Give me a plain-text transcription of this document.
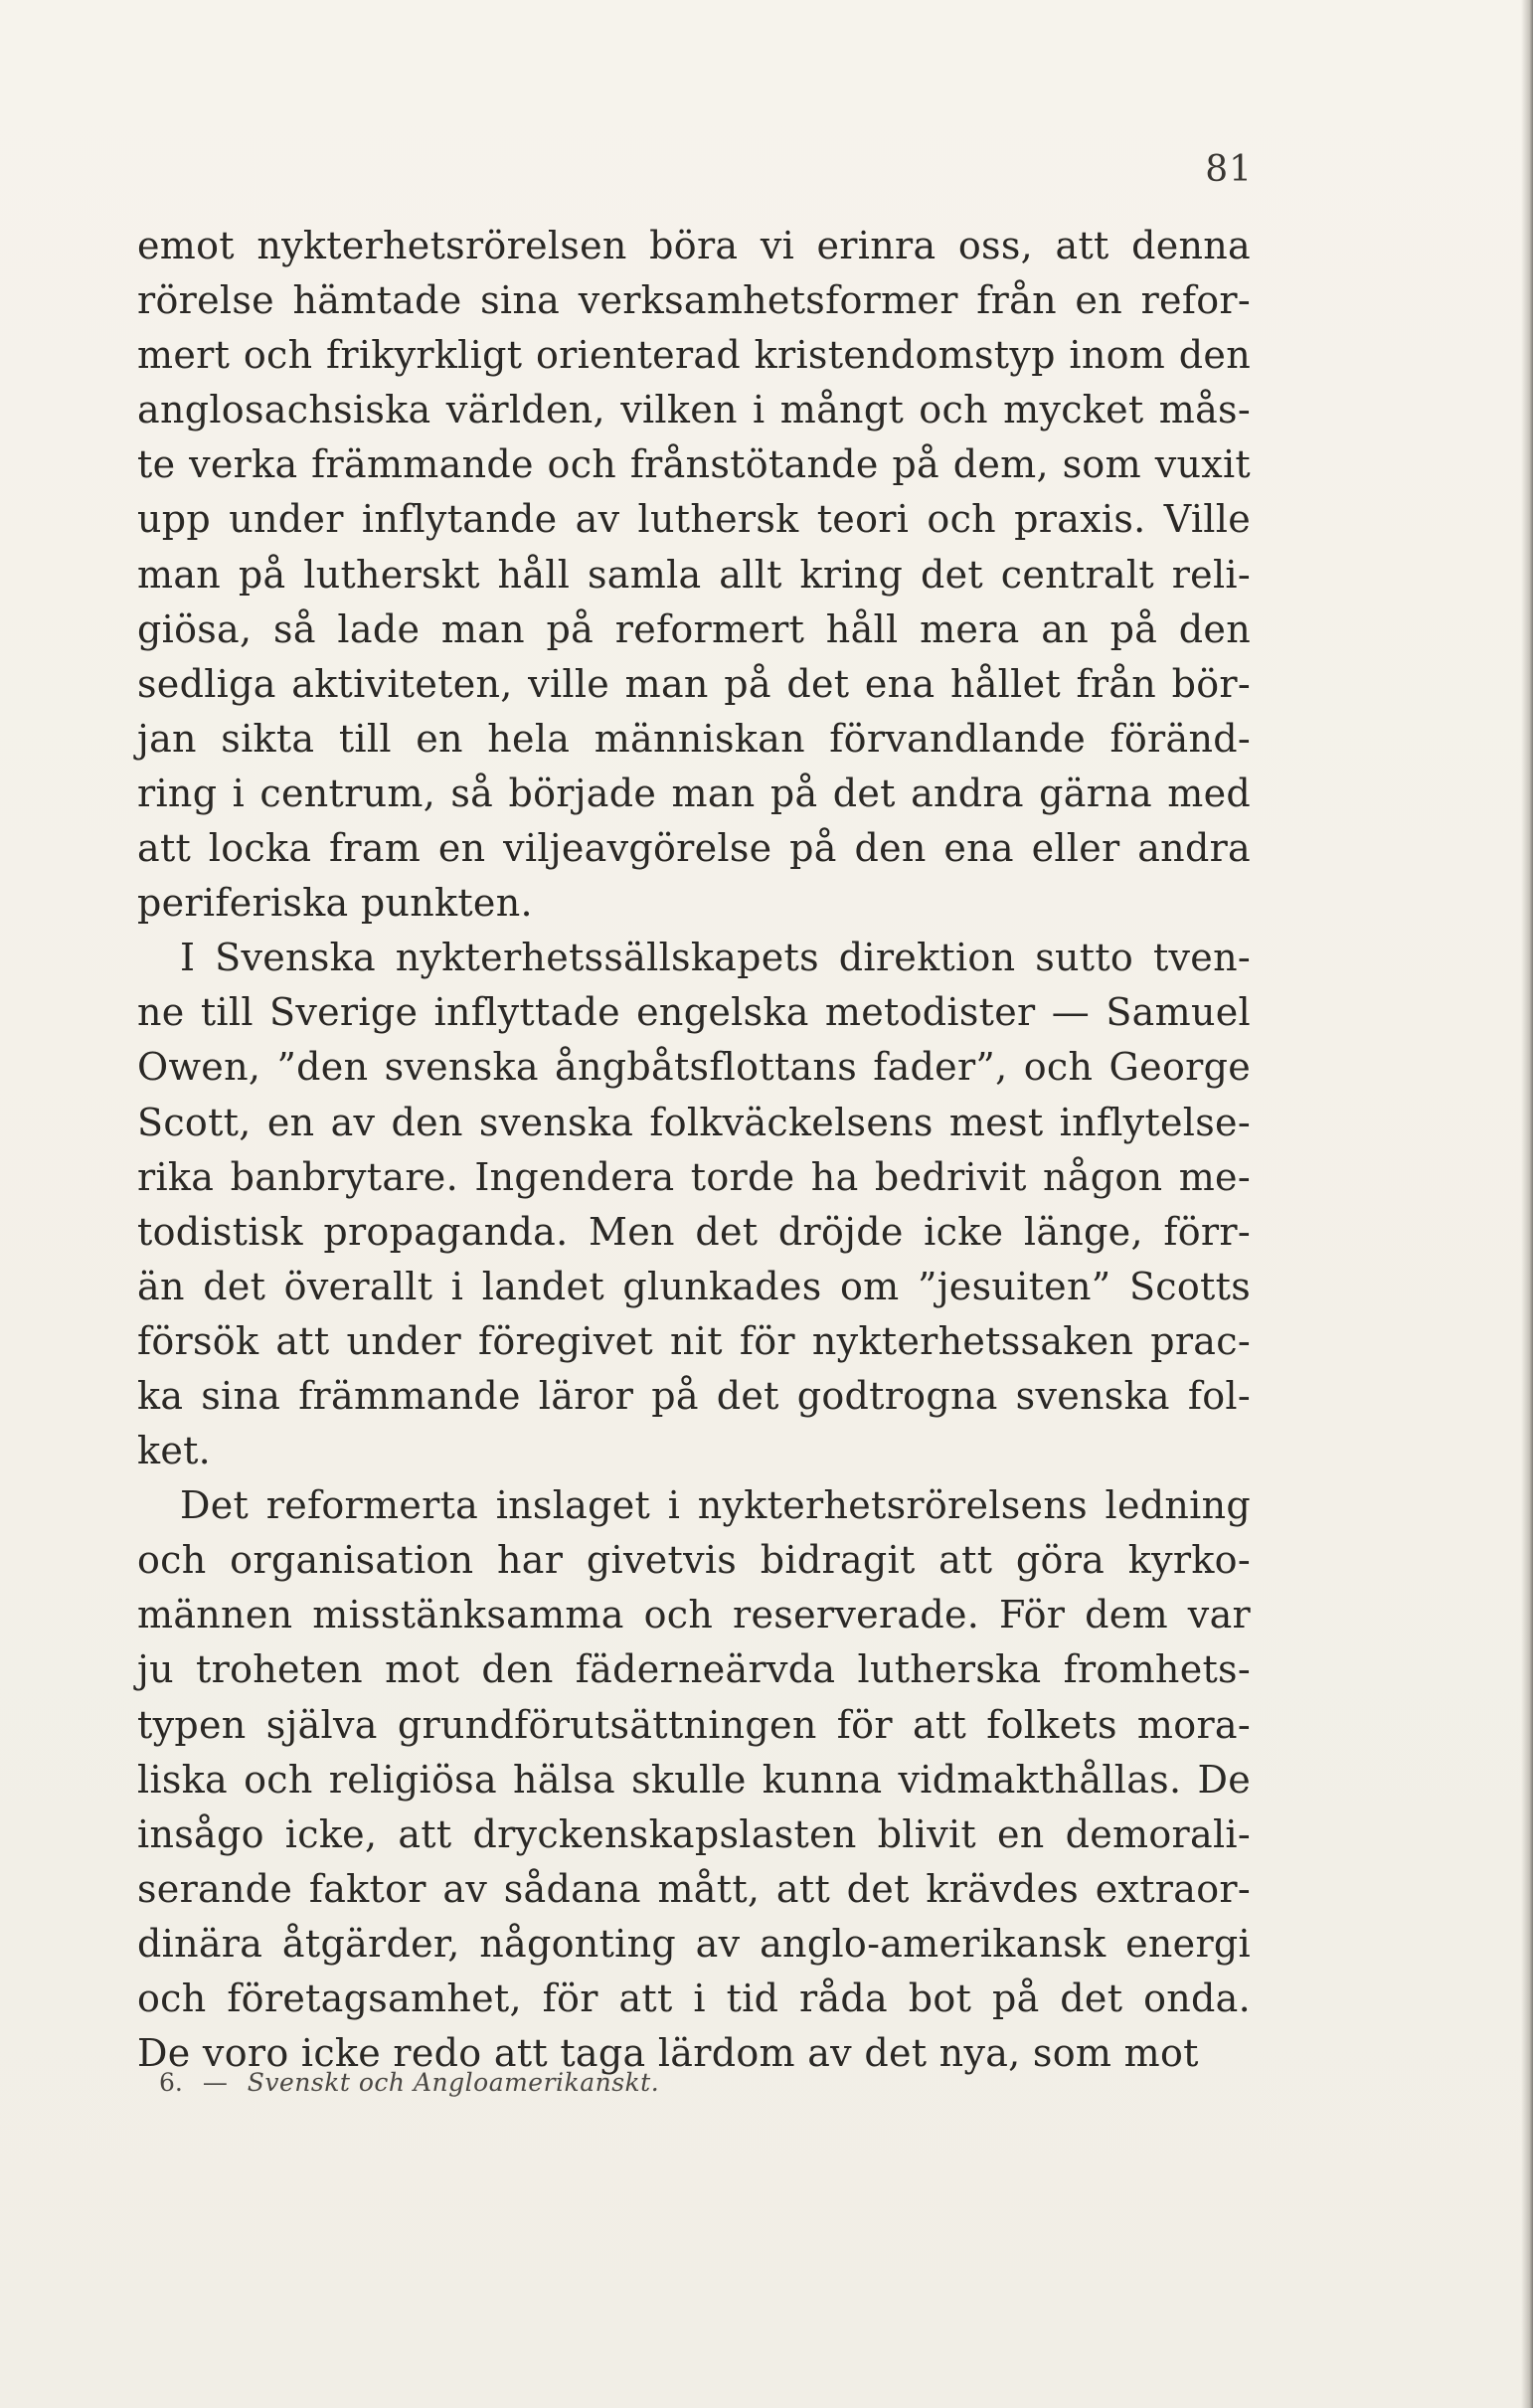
81
emot nykterhetsrörelsen böra vi erinra oss, att denna
rörelse hämtade sina verksamhetsformer från en refor-
mert och frikyrkligt orienterad kristendomstyp inom den
anglosachsiska världen, vilken i mångt och mycket mås-
te verka främmande och frånstötande på dem, som vuxit
upp under inflytande av luthersk teori och praxis. Ville
man på lutherskt håll samla allt kring det centralt reli-
giösa, så lade man på reformert håll mera an på den
sedliga aktiviteten, ville man på det ena hållet från bör-
jan sikta till en hela människan förvandlande föränd-
ring i centrum, så började man på det andra gärna med
att locka fram en viljeavgörelse på den ena eller andra
periferiska punkten.
I Svenska nykterhetssällskapets direktion sutto tven-
ne till Sverige inflyttade engelska metodister — Samuel
Owen, ”den svenska ångbåtsflottans fader”, och George
Scott, en av den svenska folkväckelsens mest inflytelse-
rika banbrytare. Ingendera torde ha bedrivit någon me-
todistisk propaganda. Men det dröjde icke länge, förr-
än det överallt i landet glunkades om ”jesuiten” Scotts
försök att under föregivet nit för nykterhetssaken prac-
ka sina främmande läror på det godtrogna svenska fol-
ket.
Det reformerta inslaget i nykterhetsrörelsens ledning
och organisation har givetvis bidragit att göra kyrko-
männen misstänksamma och reserverade. För dem var
ju troheten mot den fäderneärvda lutherska fromhets-
typen själva grundförutsättningen för att folkets mora-
liska och religiösa hälsa skulle kunna vidmakthållas. De
insågo icke, att dryckenskapslasten blivit en demorali-
serande faktor av sådana mått, att det krävdes extraor-
dinära åtgärder, någonting av anglo-amerikansk energi
och företagsamhet, för att i tid råda bot på det onda.
De voro icke redo att taga lärdom av det nya, som mot
6. — Svenskt och Angloamerikanskt.
